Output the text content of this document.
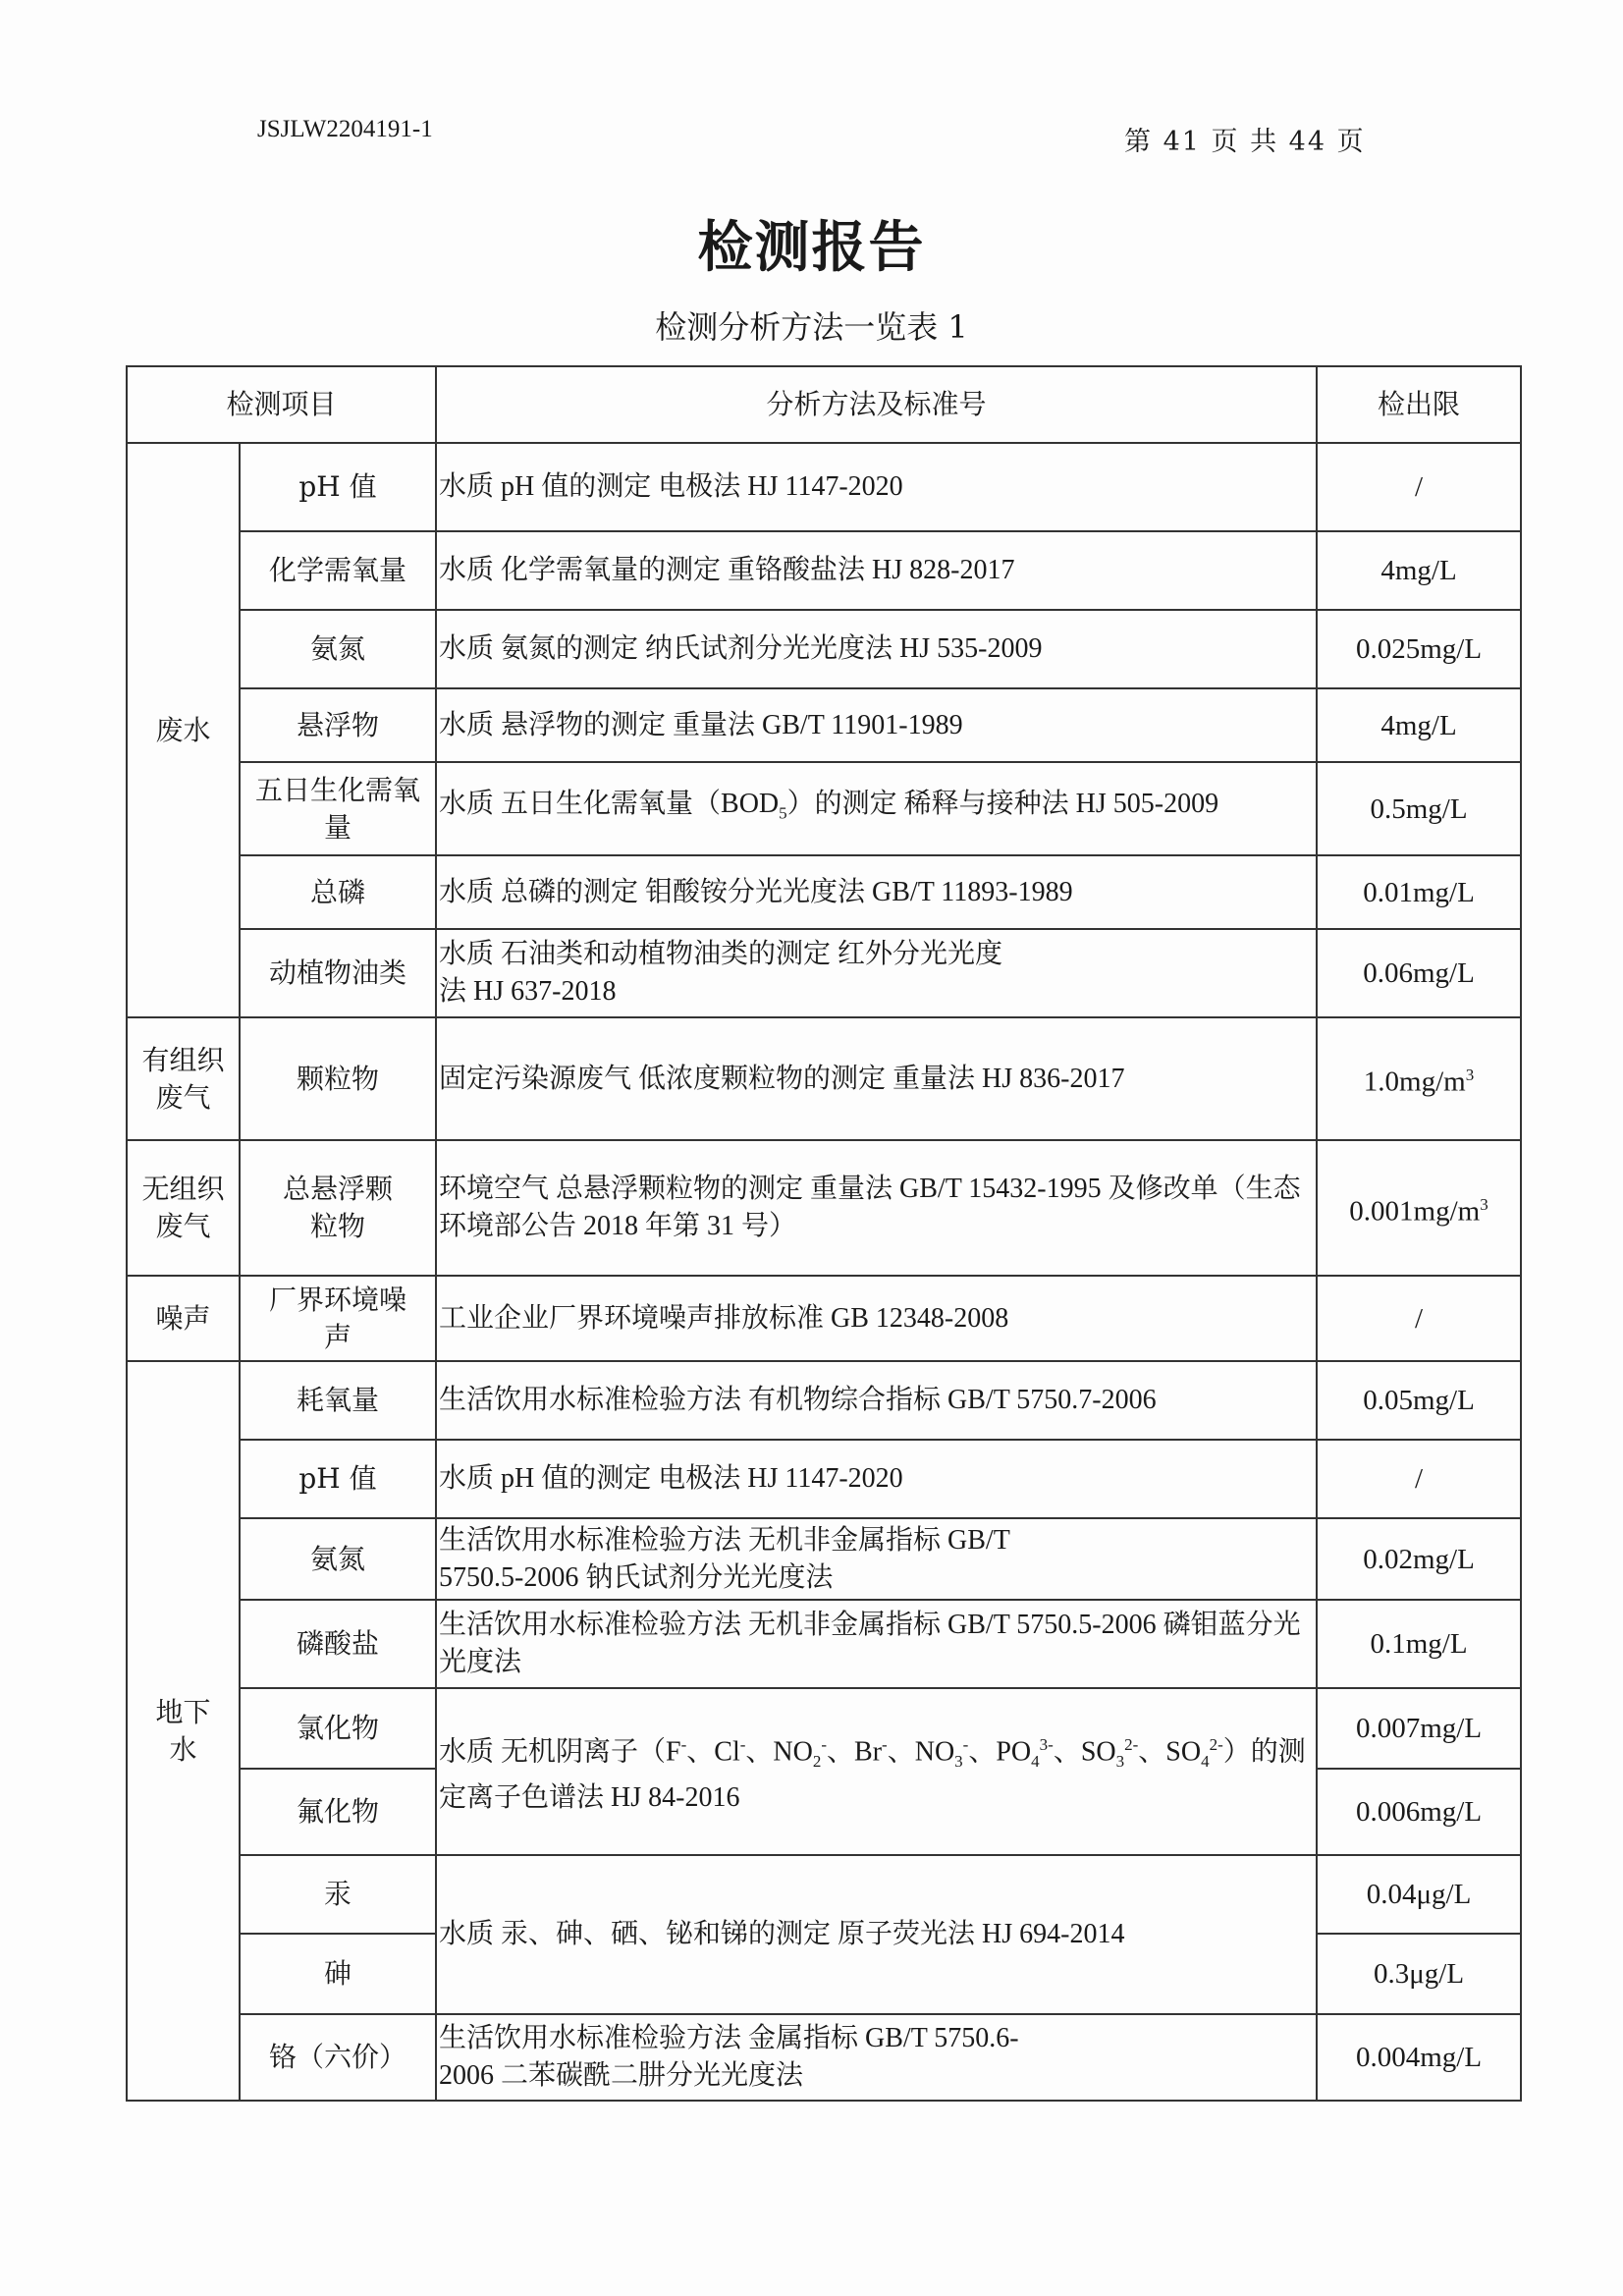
JSJLW2204191-1	第 41 页 共 44 页
检测报告
检测分析方法一览表 1
检测项目		分析方法及标准号	检出限
废水	pH 值	水质 pH 值的测定 电极法 HJ 1147-2020	/
	化学需氧量	水质 化学需氧量的测定 重铬酸盐法 HJ 828-2017	4mg/L
	氨氮	水质 氨氮的测定 纳氏试剂分光光度法 HJ 535-2009	0.025mg/L
	悬浮物	水质 悬浮物的测定 重量法 GB/T 11901-1989	4mg/L
	五日生化需氧量	水质 五日生化需氧量$(BOD_5)$的测定 稀释与接种法 HJ 505-2009	0.5mg/L
	总磷	水质 总磷的测定 钼酸铵分光光度法 GB/T 11893-1989	0.01mg/L
	动植物油类	水质 石油类和动植物油类的测定 红外分光光度法 HJ 637-2018	0.06mg/L
有组织废气	颗粒物	固定污染源废气 低浓度颗粒物的测定 重量法 HJ 836-2017	$1.0mg/m^3$
无组织废气	总悬浮颗粒物	环境空气 总悬浮颗粒物的测定 重量法 GB/T 15432-1995 及修改单（生态环境部公告 2018 年第 31 号）	$0.001mg/m^3$
噪声	厂界环境噪声	工业企业厂界环境噪声排放标准 GB 12348-2008	/
地下水	耗氧量	生活饮用水标准检验方法 有机物综合指标 GB/T 5750.7-2006	0.05mg/L
	pH 值	水质 pH 值的测定 电极法 HJ 1147-2020	/
	氨氮	生活饮用水标准检验方法 无机非金属指标 GB/T 5750.5-2006 钠氏试剂分光光度法	0.02mg/L
	磷酸盐	生活饮用水标准检验方法 无机非金属指标 GB/T 5750.5-2006 磷钼蓝分光光度法	0.1mg/L
	氯化物	水质 无机阴离子（F-、Cl-、$NO_2^-$、Br-、$NO_3^-$、$PO_4^{3-}$、$SO_3^{2-}$、$SO_4^{2-}$）的测定离子色谱法 HJ 84-2016	0.007mg/L
	氟化物		0.006mg/L
	汞	水质 汞、砷、硒、铋和锑的测定 原子荧光法 HJ 694-2014	0.04μg/L
	砷		0.3μg/L
	铬（六价）	生活饮用水标准检验方法 金属指标 GB/T 5750.6-2006 二苯碳酰二肼分光光度法	0.004mg/L
